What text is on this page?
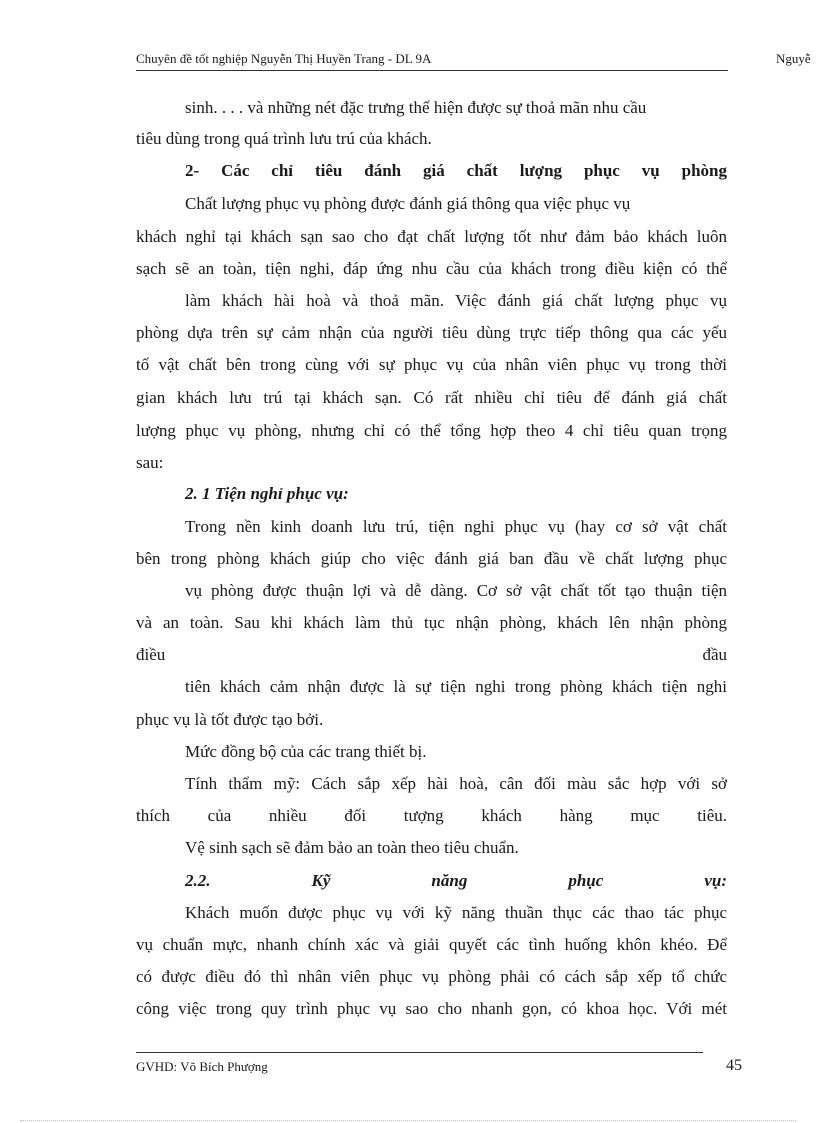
Chuyên đề tốt nghiệp Nguyễn Thị Huyền Trang - DL 9A	Nguyễ
sinh. . . . và những nét đặc trưng thể hiện được sự thoả mãn nhu cầu
tiêu dùng trong quá trình lưu trú của khách.
2- Các chỉ tiêu đánh giá chất lượng phục vụ phòng
Chất lượng phục vụ phòng được đánh giá thông qua việc phục vụ
khách nghỉ tại khách sạn sao cho đạt chất lượng tốt như đảm bảo khách luôn
sạch sẽ an toàn, tiện nghi, đáp ứng nhu cầu của khách trong điều kiện có thể
làm khách hài hoà và thoả mãn. Việc đánh giá chất lượng phục vụ
phòng dựa trên sự cảm nhận của người tiêu dùng trực tiếp thông qua các yếu
tố vật chất bên trong cùng với sự phục vụ của nhân viên phục vụ trong thời
gian khách lưu trú tại khách sạn. Có rất nhiều chỉ tiêu để đánh giá chất
lượng phục vụ phòng, nhưng chỉ có thể tổng hợp theo 4 chỉ tiêu quan trọng
sau:
2. 1 Tiện nghỉ phục vụ:
Trong nền kinh doanh lưu trú, tiện nghi phục vụ (hay cơ sở vật chất
bên trong phòng khách giúp cho việc đánh giá ban đầu về chất lượng phục
vụ phòng được thuận lợi và dễ dàng. Cơ sở vật chất tốt tạo thuận tiện
và an toàn. Sau khi khách làm thủ tục nhận phòng, khách lên nhận phòng
điều đầu
tiên khách cảm nhận được là sự tiện nghi trong phòng khách tiện nghi
phục vụ là tốt được tạo bởi.
Mức đồng bộ của các trang thiết bị.
Tính thẩm mỹ: Cách sắp xếp hài hoà, cân đối màu sắc hợp với sở
thích của nhiều đối tượng khách hàng mục tiêu.
Vệ sinh sạch sẽ đảm bảo an toàn theo tiêu chuẩn.
2.2. Kỹ năng phục vụ:
Khách muốn được phục vụ với kỹ năng thuần thục các thao tác phục
vụ chuẩn mực, nhanh chính xác và giải quyết các tình huống khôn khéo. Để
có được điều đó thì nhân viên phục vụ phòng phải có cách sắp xếp tổ chức
công việc trong quy trình phục vụ sao cho nhanh gọn, có khoa học. Với mét
GVHD: Võ Bích Phượng	45
